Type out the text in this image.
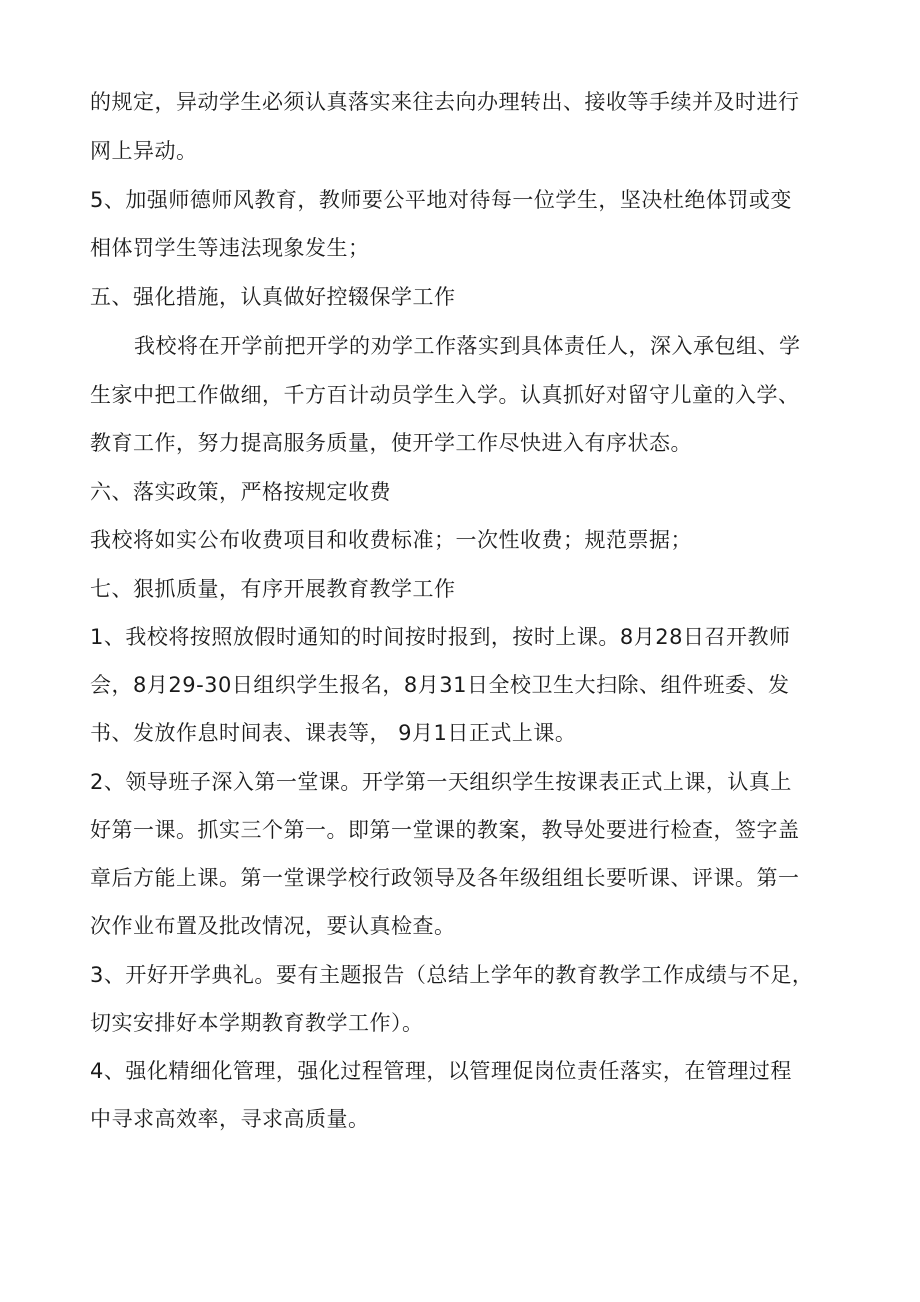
的规定，异动学生必须认真落实来往去向办理转出、接收等手续并及时进行
网上异动。
5、加强师德师风教育，教师要公平地对待每一位学生，坚决杜绝体罚或变
相体罚学生等违法现象发生；
五、强化措施，认真做好控辍保学工作
我校将在开学前把开学的劝学工作落实到具体责任人，深入承包组、学
生家中把工作做细，千方百计动员学生入学。认真抓好对留守儿童的入学、
教育工作，努力提高服务质量，使开学工作尽快进入有序状态。
六、落实政策，严格按规定收费
我校将如实公布收费项目和收费标准；一次性收费；规范票据；
七、狠抓质量，有序开展教育教学工作
1、我校将按照放假时通知的时间按时报到，按时上课。8月28日召开教师
会，8月29-30日组织学生报名，8月31日全校卫生大扫除、组件班委、发
书、发放作息时间表、课表等， 9月1日正式上课。
2、领导班子深入第一堂课。开学第一天组织学生按课表正式上课，认真上
好第一课。抓实三个第一。即第一堂课的教案，教导处要进行检查，签字盖
章后方能上课。第一堂课学校行政领导及各年级组组长要听课、评课。第一
次作业布置及批改情况，要认真检查。
3、开好开学典礼。要有主题报告（总结上学年的教育教学工作成绩与不足，
切实安排好本学期教育教学工作）。
4、强化精细化管理，强化过程管理，以管理促岗位责任落实，在管理过程
中寻求高效率，寻求高质量。
